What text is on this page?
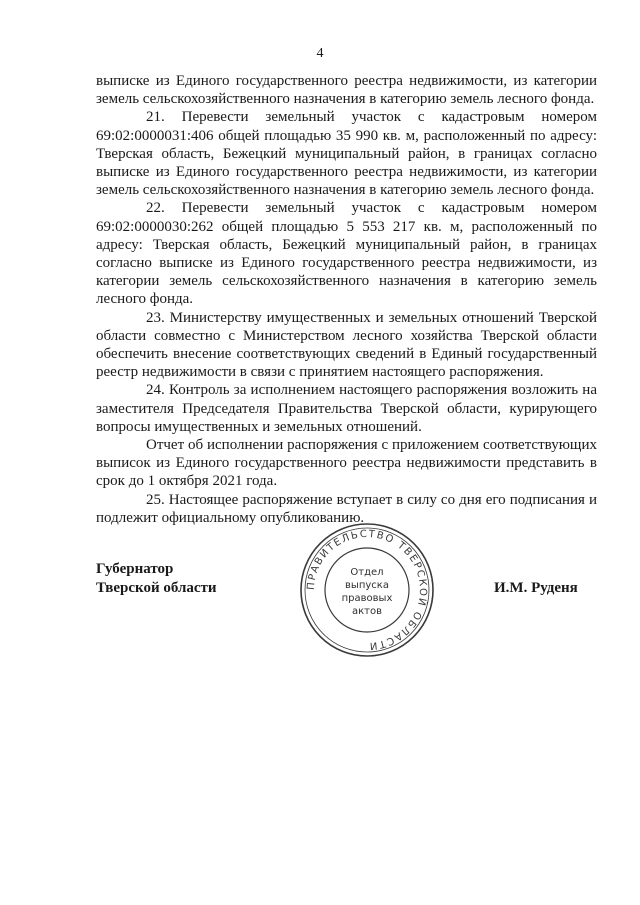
4

выписке из Единого государственного реестра недвижимости, из категории земель сельскохозяйственного назначения в категорию земель лесного фонда.

21. Перевести земельный участок с кадастровым номером 69:02:0000031:406 общей площадью 35 990 кв. м, расположенный по адресу: Тверская область, Бежецкий муниципальный район, в границах согласно выписке из Единого государственного реестра недвижимости, из категории земель сельскохозяйственного назначения в категорию земель лесного фонда.

22. Перевести земельный участок с кадастровым номером 69:02:0000030:262 общей площадью 5 553 217 кв. м, расположенный по адресу: Тверская область, Бежецкий муниципальный район, в границах согласно выписке из Единого государственного реестра недвижимости, из категории земель сельскохозяйственного назначения в категорию земель лесного фонда.

23. Министерству имущественных и земельных отношений Тверской области совместно с Министерством лесного хозяйства Тверской области обеспечить внесение соответствующих сведений в Единый государственный реестр недвижимости в связи с принятием настоящего распоряжения.

24. Контроль за исполнением настоящего распоряжения возложить на заместителя Председателя Правительства Тверской области, курирующего вопросы имущественных и земельных отношений.

Отчет об исполнении распоряжения с приложением соответствующих выписок из Единого государственного реестра недвижимости представить в срок до 1 октября 2021 года.

25. Настоящее распоряжение вступает в силу со дня его подписания и подлежит официальному опубликованию.

Губернатор
Тверской области	ПРАВИТЕЛЬСТВО ТВЕРСКОЙ ОБЛАСТИ
Отдел
выпуска
правовых
актов
И.М. Руденя
